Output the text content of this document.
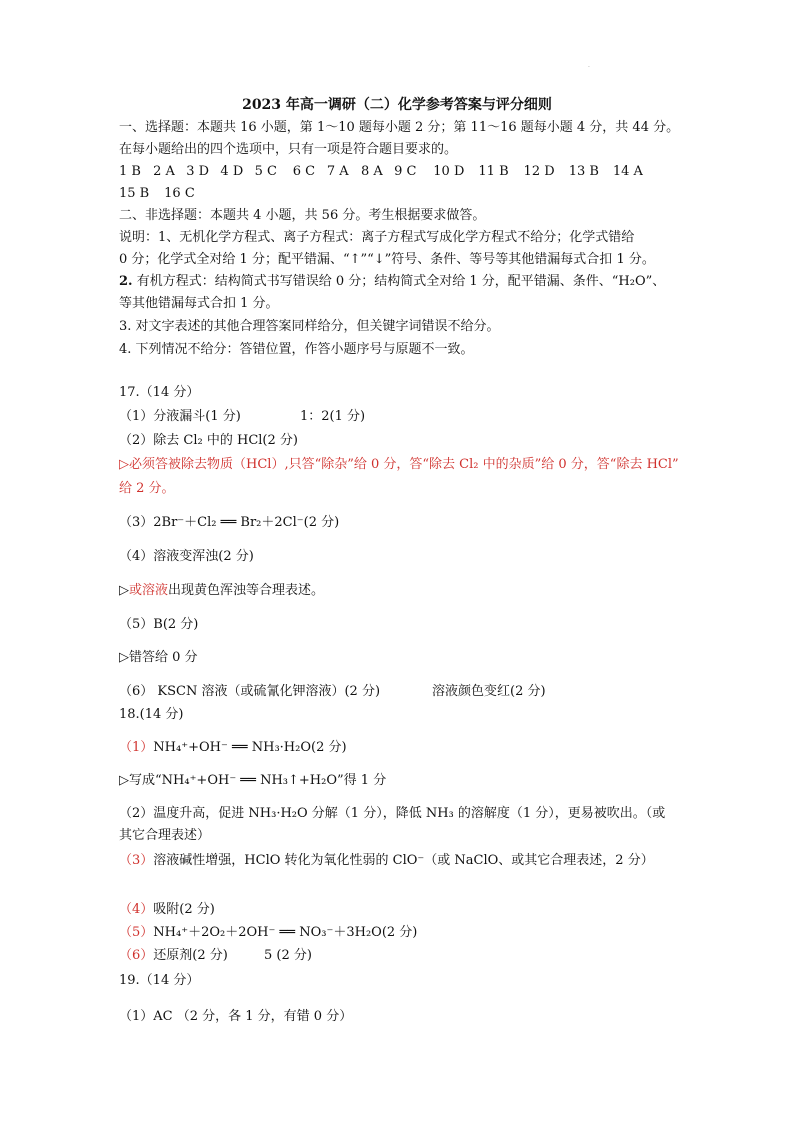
·
2023 年高一调研（二）化学参考答案与评分细则
一、选择题：本题共 16 小题，第 1～10 题每小题 2 分；第 11～16 题每小题 4 分，共 44 分。
在每小题给出的四个选项中，只有一项是符合题目要求的。
1 B 2 A 3 D 4 D 5 C 6 C 7 A 8 A 9 C 10 D 11 B 12 D 13 B 14 A
15 B 16 C
二、非选择题：本题共 4 小题，共 56 分。考生根据要求做答。
说明：1、无机化学方程式、离子方程式：离子方程式写成化学方程式不给分；化学式错给
0 分；化学式全对给 1 分；配平错漏、“↑”“↓”符号、条件、等号等其他错漏每式合扣 1 分。
2. 有机方程式：结构简式书写错误给 0 分；结构简式全对给 1 分，配平错漏、条件、“H₂O”、
等其他错漏每式合扣 1 分。
3. 对文字表述的其他合理答案同样给分，但关键字词错误不给分。
4. 下列情况不给分：答错位置，作答小题序号与原题不一致。
17.（14 分）
（1）分液漏斗(1 分)	1：2(1 分)
（2）除去 Cl₂ 中的 HCl(2 分)
▷必须答被除去物质（HCl）,只答“除杂”给 0 分，答“除去 Cl₂ 中的杂质”给 0 分，答“除去 HCl”
给 2 分。
（3）2Br⁻＋Cl₂ ══ Br₂＋2Cl⁻(2 分)
（4）溶液变浑浊(2 分)
▷或溶液出现黄色浑浊等合理表述。
（5）B(2 分)
▷错答给 0 分
（6） KSCN 溶液（或硫氰化钾溶液）(2 分)	溶液颜色变红(2 分)
18.(14 分)
（1）NH₄⁺+OH⁻ ══ NH₃·H₂O(2 分)
▷写成“NH₄⁺+OH⁻ ══ NH₃↑+H₂O”得 1 分
（2）温度升高，促进 NH₃·H₂O 分解（1 分），降低 NH₃ 的溶解度（1 分），更易被吹出。（或
其它合理表述）
（3）溶液碱性增强，HClO 转化为氧化性弱的 ClO⁻（或 NaClO、或其它合理表述，2 分）
（4）吸附(2 分)
（5）NH₄⁺＋2O₂＋2OH⁻ ══ NO₃⁻＋3H₂O(2 分)
（6）还原剂(2 分)	5 (2 分)
19.（14 分）
（1）AC （2 分，各 1 分，有错 0 分）
